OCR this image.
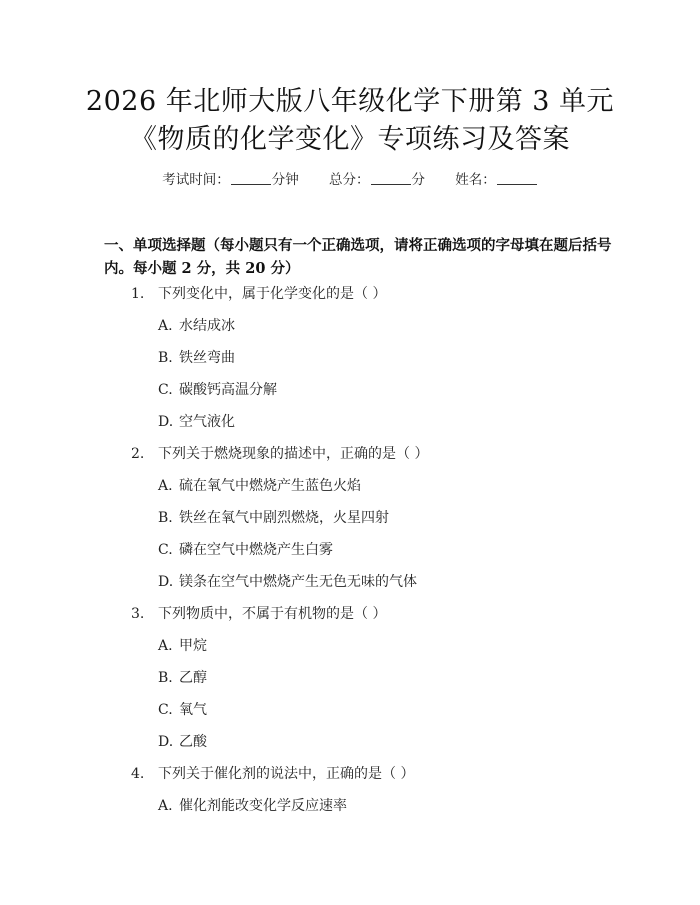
2026 年北师大版八年级化学下册第 3 单元
《物质的化学变化》专项练习及答案
考试时间：	分钟 总分：	分 姓名：
一、单项选择题（每小题只有一个正确选项，请将正确选项的字母填在题后括号内。每小题 2 分，共 20 分）
1. 下列变化中，属于化学变化的是（ ）
A. 水结成冰
B. 铁丝弯曲
C. 碳酸钙高温分解
D. 空气液化
2. 下列关于燃烧现象的描述中，正确的是（ ）
A. 硫在氧气中燃烧产生蓝色火焰
B. 铁丝在氧气中剧烈燃烧，火星四射
C. 磷在空气中燃烧产生白雾
D. 镁条在空气中燃烧产生无色无味的气体
3. 下列物质中，不属于有机物的是（ ）
A. 甲烷
B. 乙醇
C. 氧气
D. 乙酸
4. 下列关于催化剂的说法中，正确的是（ ）
A. 催化剂能改变化学反应速率
